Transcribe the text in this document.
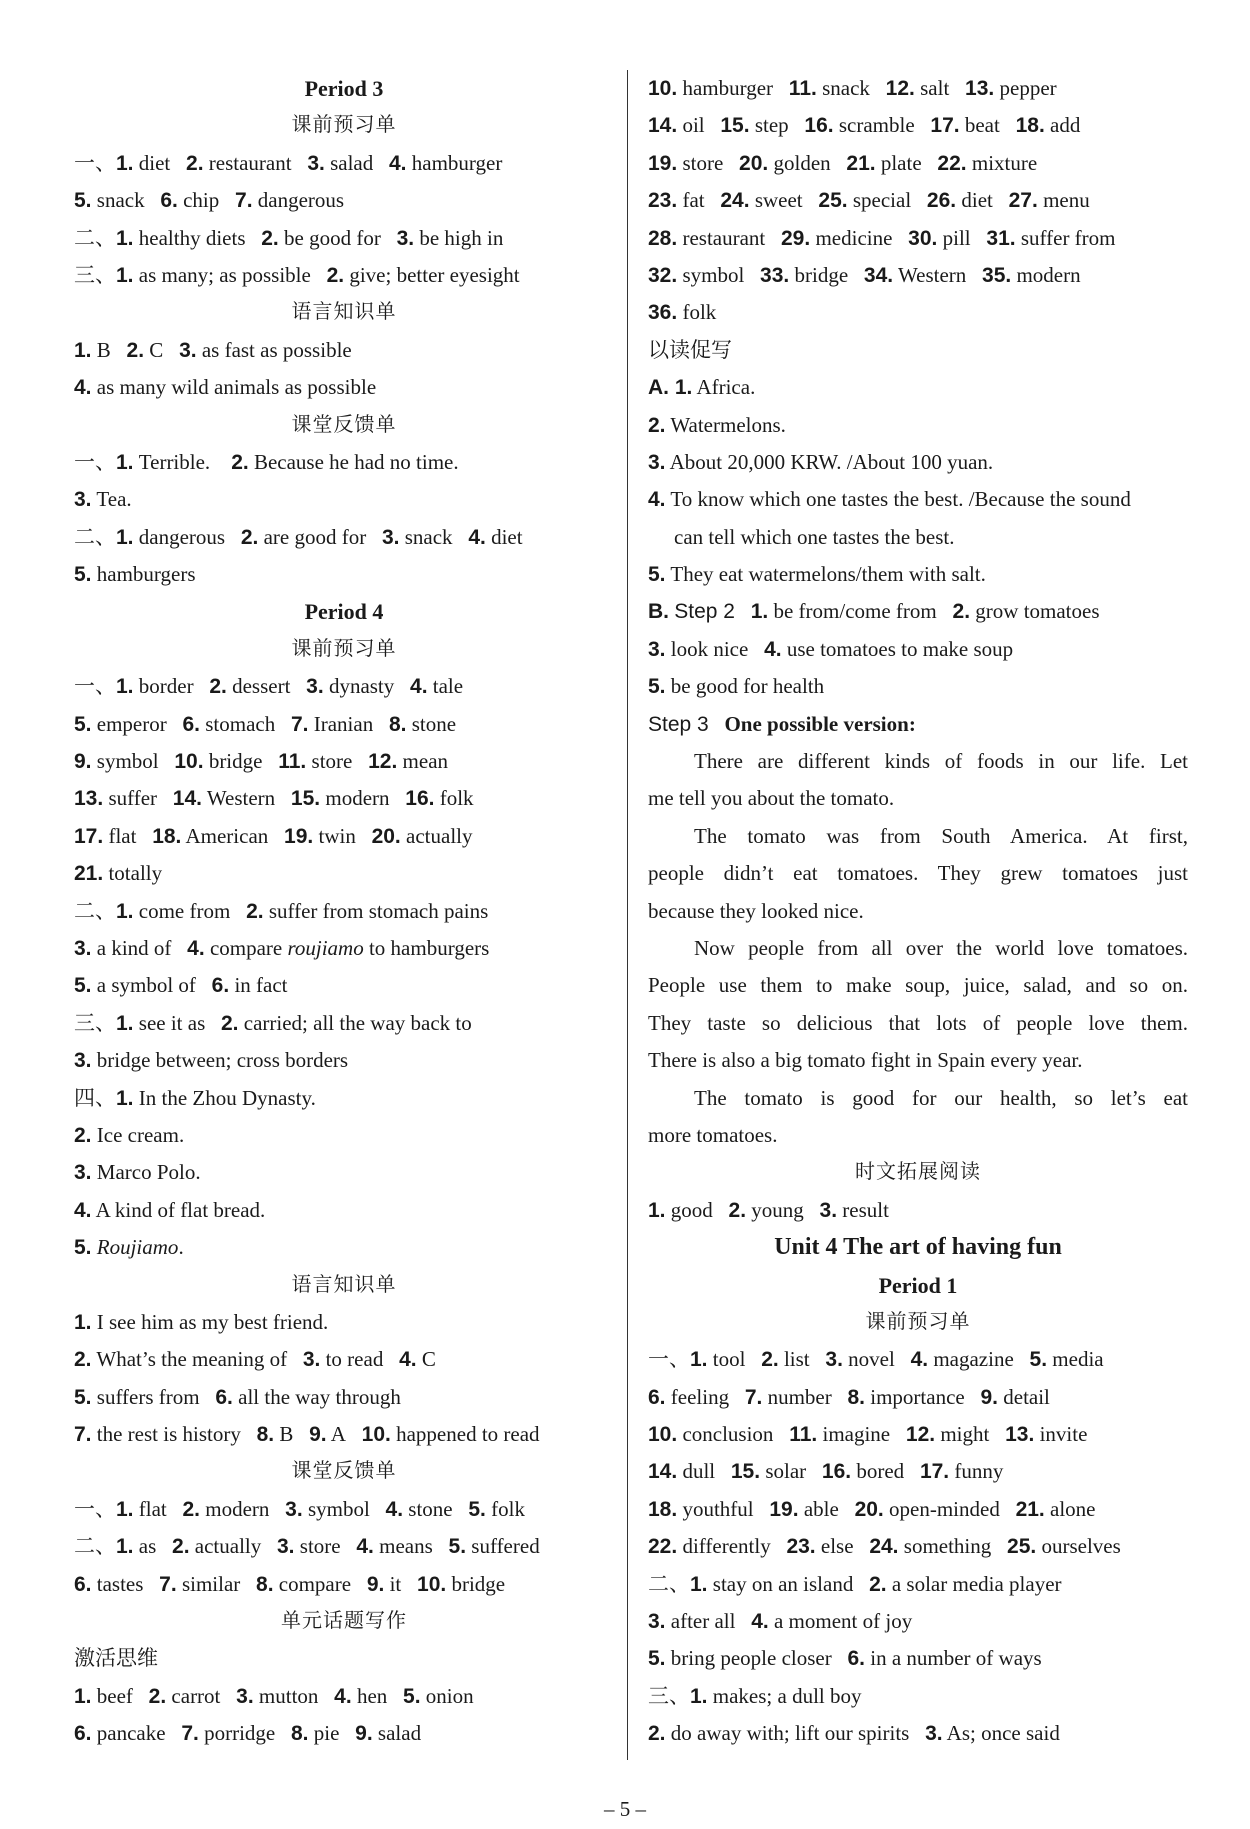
Period 3
课前预习单
一、1. diet   2. restaurant   3. salad   4. hamburger
5. snack   6. chip   7. dangerous
二、1. healthy diets   2. be good for   3. be high in
三、1. as many; as possible   2. give; better eyesight
语言知识单
1. B   2. C   3. as fast as possible
4. as many wild animals as possible
课堂反馈单
一、1. Terrible.    2. Because he had no time.
3. Tea.
二、1. dangerous   2. are good for   3. snack   4. diet
5. hamburgers
Period 4
课前预习单
一、1. border   2. dessert   3. dynasty   4. tale
5. emperor   6. stomach   7. Iranian   8. stone
9. symbol   10. bridge   11. store   12. mean
13. suffer   14. Western   15. modern   16. folk
17. flat   18. American   19. twin   20. actually
21. totally
二、1. come from   2. suffer from stomach pains
3. a kind of   4. compare roujiamo to hamburgers
5. a symbol of   6. in fact
三、1. see it as   2. carried; all the way back to
3. bridge between; cross borders
四、1. In the Zhou Dynasty.
2. Ice cream.
3. Marco Polo.
4. A kind of flat bread.
5. Roujiamo.
语言知识单
1. I see him as my best friend.
2. What’s the meaning of   3. to read   4. C
5. suffers from   6. all the way through
7. the rest is history   8. B   9. A   10. happened to read
课堂反馈单
一、1. flat   2. modern   3. symbol   4. stone   5. folk
二、1. as   2. actually   3. store   4. means   5. suffered
6. tastes   7. similar   8. compare   9. it   10. bridge
单元话题写作
激活思维
1. beef   2. carrot   3. mutton   4. hen   5. onion
6. pancake   7. porridge   8. pie   9. salad
10. hamburger   11. snack   12. salt   13. pepper
14. oil   15. step   16. scramble   17. beat   18. add
19. store   20. golden   21. plate   22. mixture
23. fat   24. sweet   25. special   26. diet   27. menu
28. restaurant   29. medicine   30. pill   31. suffer from
32. symbol   33. bridge   34. Western   35. modern
36. folk
以读促写
A. 1. Africa.
2. Watermelons.
3. About 20,000 KRW. /About 100 yuan.
4. To know which one tastes the best. /Because the sound
can tell which one tastes the best.
5. They eat watermelons/them with salt.
B. Step 2 1. be from/come from   2. grow tomatoes
3. look nice   4. use tomatoes to make soup
5. be good for health
Step 3 One possible version:
There are different kinds of foods in our life. Let
me tell you about the tomato.
The tomato was from South America. At first,
people didn’t eat tomatoes. They grew tomatoes just
because they looked nice.
Now people from all over the world love tomatoes.
People use them to make soup, juice, salad, and so on.
They taste so delicious that lots of people love them.
There is also a big tomato fight in Spain every year.
The tomato is good for our health, so let’s eat
more tomatoes.
时文拓展阅读
1. good   2. young   3. result
Unit 4 The art of having fun
Period 1
课前预习单
一、1. tool   2. list   3. novel   4. magazine   5. media
6. feeling   7. number   8. importance   9. detail
10. conclusion   11. imagine   12. might   13. invite
14. dull   15. solar   16. bored   17. funny
18. youthful   19. able   20. open-minded   21. alone
22. differently   23. else   24. something   25. ourselves
二、1. stay on an island   2. a solar media player
3. after all   4. a moment of joy
5. bring people closer   6. in a number of ways
三、1. makes; a dull boy
2. do away with; lift our spirits   3. As; once said
– 5 –
